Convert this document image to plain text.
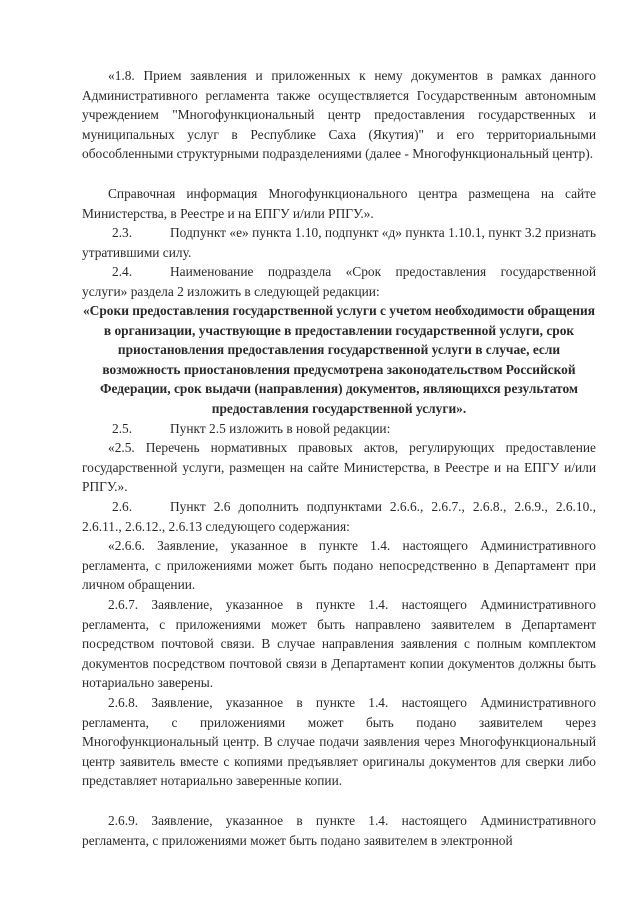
«1.8. Прием заявления и приложенных к нему документов в рамках данного Административного регламента также осуществляется Государственным автономным учреждением "Многофункциональный центр предоставления государственных и муниципальных услуг в Республике Саха (Якутия)" и его территориальными обособленными структурными подразделениями (далее - Многофункциональный центр).

Справочная информация Многофункционального центра размещена на сайте Министерства, в Реестре и на ЕПГУ и/или РПГУ.».

2.3.	Подпункт «е» пункта 1.10, подпункт «д» пункта 1.10.1, пункт 3.2 признать утратившими силу.

2.4.	Наименование подраздела «Срок предоставления государственной услуги» раздела 2 изложить в следующей редакции:

«Сроки предоставления государственной услуги с учетом необходимости обращения в организации, участвующие в предоставлении государственной услуги, срок приостановления предоставления государственной услуги в случае, если возможность приостановления предусмотрена законодательством Российской Федерации, срок выдачи (направления) документов, являющихся результатом предоставления государственной услуги».

2.5.	Пункт 2.5 изложить в новой редакции:

«2.5. Перечень нормативных правовых актов, регулирующих предоставление государственной услуги, размещен на сайте Министерства, в Реестре и на ЕПГУ и/или РПГУ.».

2.6.	Пункт 2.6 дополнить подпунктами 2.6.6., 2.6.7., 2.6.8., 2.6.9., 2.6.10., 2.6.11., 2.6.12., 2.6.13 следующего содержания:

«2.6.6. Заявление, указанное в пункте 1.4. настоящего Административного регламента, с приложениями может быть подано непосредственно в Департамент при личном обращении.

2.6.7. Заявление, указанное в пункте 1.4. настоящего Административного регламента, с приложениями может быть направлено заявителем в Департамент посредством почтовой связи. В случае направления заявления с полным комплектом документов посредством почтовой связи в Департамент копии документов должны быть нотариально заверены.

2.6.8. Заявление, указанное в пункте 1.4. настоящего Административного регламента, с приложениями может быть подано заявителем через Многофункциональный центр. В случае подачи заявления через Многофункциональный центр заявитель вместе с копиями предъявляет оригиналы документов для сверки либо представляет нотариально заверенные копии.

2.6.9. Заявление, указанное в пункте 1.4. настоящего Административного регламента, с приложениями может быть подано заявителем в электронной
